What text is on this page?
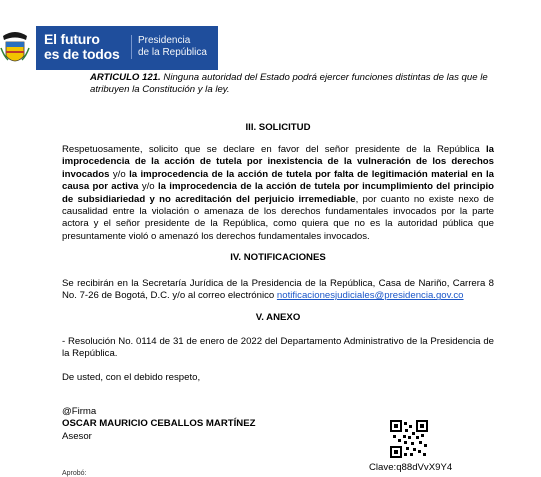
El futuro
es de todos
Presidencia
de la República

ARTICULO 121. Ninguna autoridad del Estado podrá ejercer funciones distintas de las que le atribuyen la Constitución y la ley.

III. SOLICITUD

Respetuosamente, solicito que se declare en favor del señor presidente de la República la improcedencia de la acción de tutela por inexistencia de la vulneración de los derechos invocados y/o la improcedencia de la acción de tutela por falta de legitimación material en la causa por activa y/o la improcedencia de la acción de tutela por incumplimiento del principio de subsidiariedad y no acreditación del perjuicio irremediable, por cuanto no existe nexo de causalidad entre la violación o amenaza de los derechos fundamentales invocados por la parte actora y el señor presidente de la República, como quiera que no es la autoridad pública que presuntamente violó o amenazó los derechos fundamentales invocados.

IV. NOTIFICACIONES

Se recibirán en la Secretaría Jurídica de la Presidencia de la República, Casa de Nariño, Carrera 8 No. 7-26 de Bogotá, D.C. y/o al correo electrónico notificacionesjudiciales@presidencia.gov.co

V. ANEXO

- Resolución No. 0114 de 31 de enero de 2022 del Departamento Administrativo de la Presidencia de la República.

De usted, con el debido respeto,

@Firma
OSCAR MAURICIO CEBALLOS MARTÍNEZ
Asesor

Clave:q88dVvX9Y4
Aprobó:
